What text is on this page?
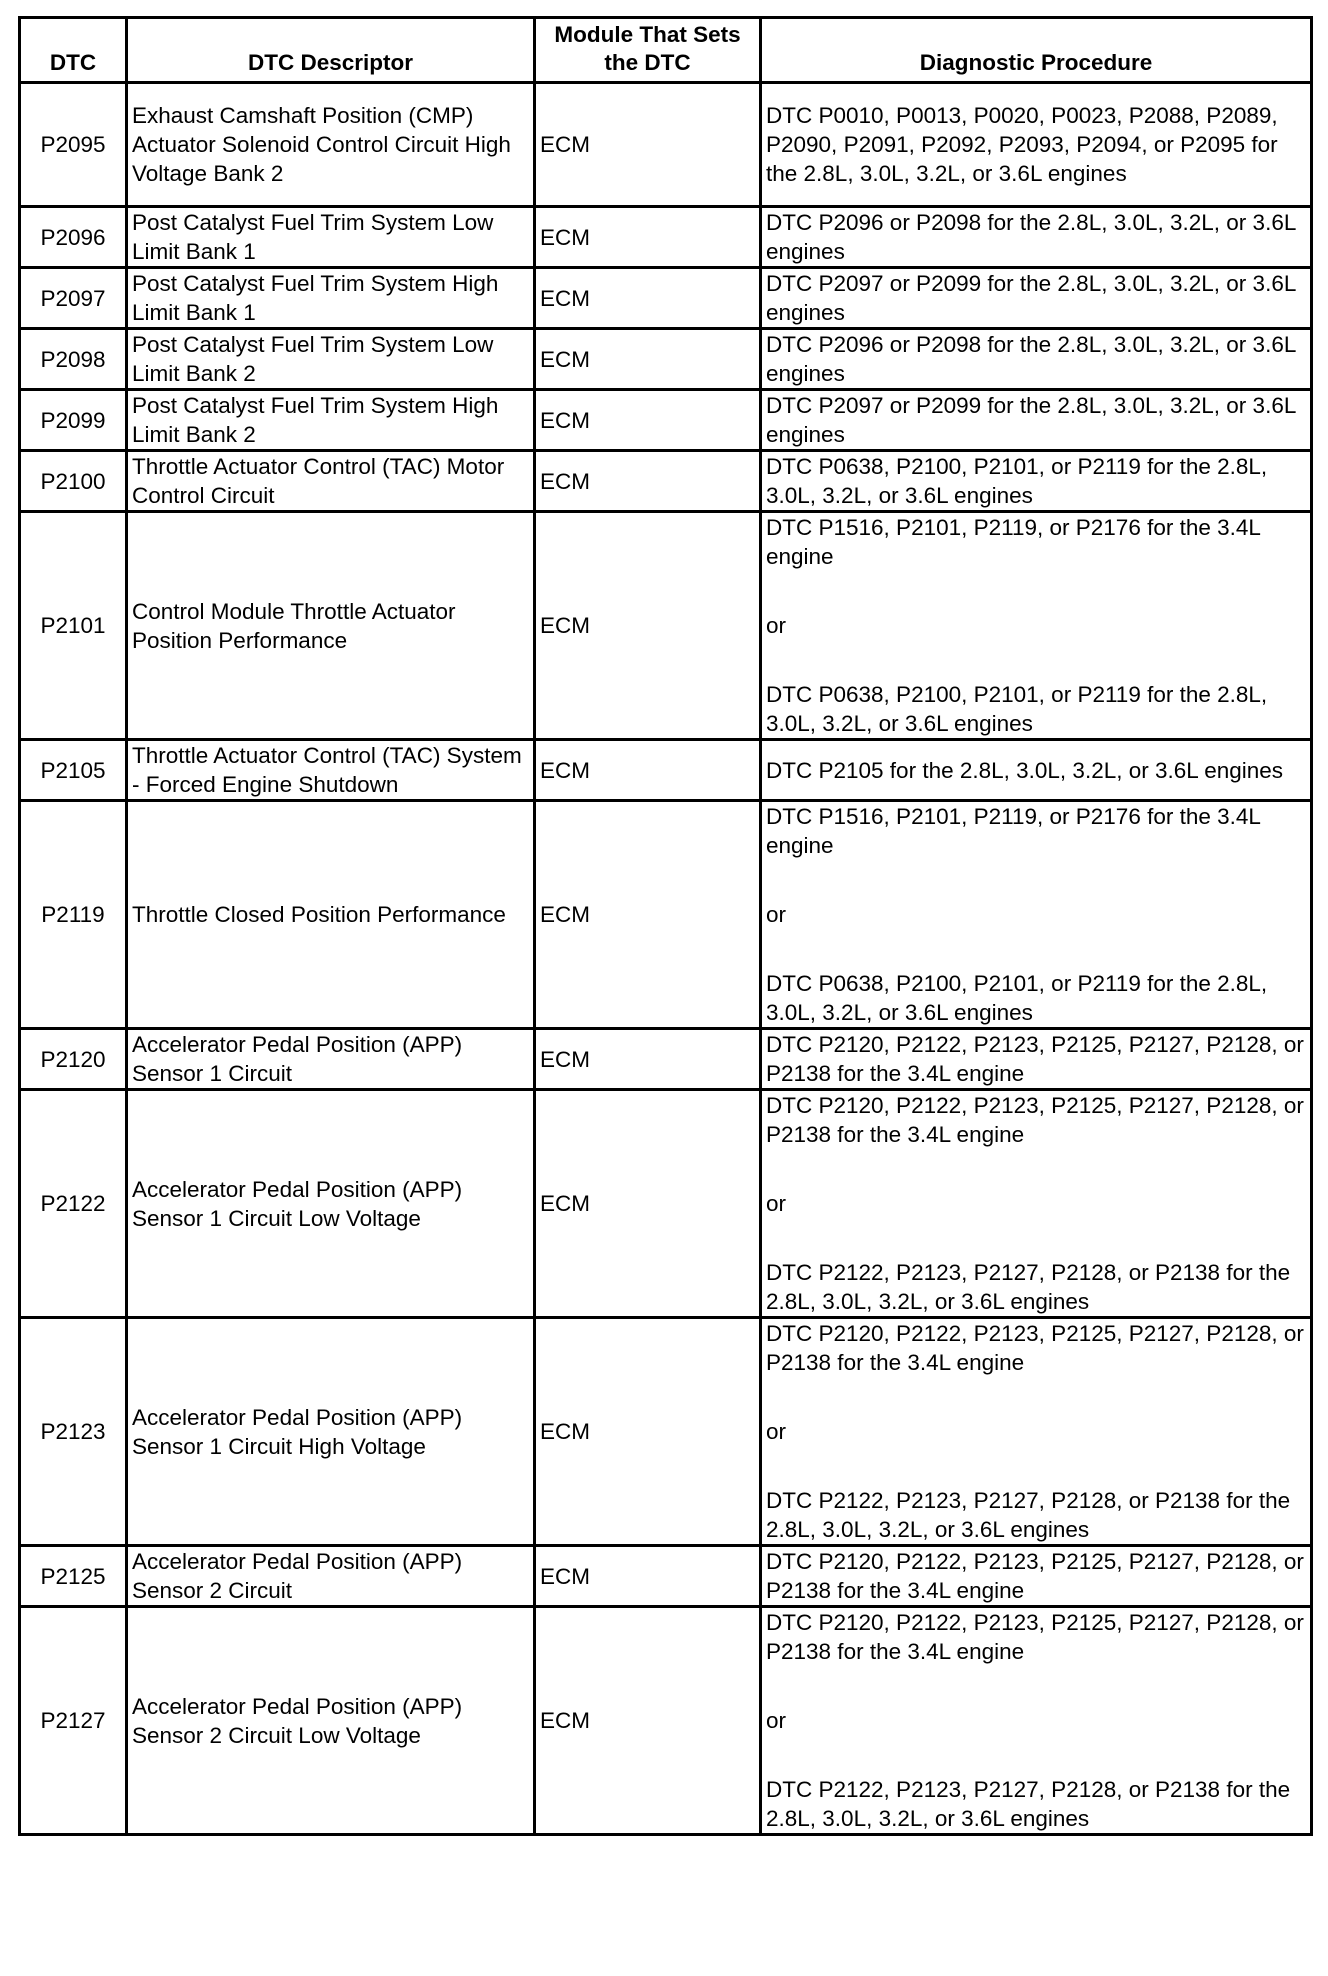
DTC	DTC Descriptor	Module That Sets the DTC	Diagnostic Procedure
P2095	Exhaust Camshaft Position (CMP) Actuator Solenoid Control Circuit High Voltage Bank 2	ECM	DTC P0010, P0013, P0020, P0023, P2088, P2089, P2090, P2091, P2092, P2093, P2094, or P2095 for the 2.8L, 3.0L, 3.2L, or 3.6L engines

P2096	Post Catalyst Fuel Trim System Low Limit Bank 1	ECM	DTC P2096 or P2098 for the 2.8L, 3.0L, 3.2L, or 3.6L engines

P2097	Post Catalyst Fuel Trim System High Limit Bank 1	ECM	DTC P2097 or P2099 for the 2.8L, 3.0L, 3.2L, or 3.6L engines

P2098	Post Catalyst Fuel Trim System Low Limit Bank 2	ECM	DTC P2096 or P2098 for the 2.8L, 3.0L, 3.2L, or 3.6L engines

P2099	Post Catalyst Fuel Trim System High Limit Bank 2	ECM	DTC P2097 or P2099 for the 2.8L, 3.0L, 3.2L, or 3.6L engines

P2100	Throttle Actuator Control (TAC) Motor Control Circuit	ECM	DTC P0638, P2100, P2101, or P2119 for the 2.8L, 3.0L, 3.2L, or 3.6L engines

P2101	Control Module Throttle Actuator Position Performance	ECM	DTC P1516, P2101, P2119, or P2176 for the 3.4L engine
or
DTC P0638, P2100, P2101, or P2119 for the 2.8L, 3.0L, 3.2L, or 3.6L engines

P2105	Throttle Actuator Control (TAC) System - Forced Engine Shutdown	ECM	DTC P2105 for the 2.8L, 3.0L, 3.2L, or 3.6L engines

P2119	Throttle Closed Position Performance	ECM	DTC P1516, P2101, P2119, or P2176 for the 3.4L engine
or
DTC P0638, P2100, P2101, or P2119 for the 2.8L, 3.0L, 3.2L, or 3.6L engines

P2120	Accelerator Pedal Position (APP) Sensor 1 Circuit	ECM	DTC P2120, P2122, P2123, P2125, P2127, P2128, or P2138 for the 3.4L engine

P2122	Accelerator Pedal Position (APP) Sensor 1 Circuit Low Voltage	ECM	DTC P2120, P2122, P2123, P2125, P2127, P2128, or P2138 for the 3.4L engine
or
DTC P2122, P2123, P2127, P2128, or P2138 for the 2.8L, 3.0L, 3.2L, or 3.6L engines

P2123	Accelerator Pedal Position (APP) Sensor 1 Circuit High Voltage	ECM	DTC P2120, P2122, P2123, P2125, P2127, P2128, or P2138 for the 3.4L engine
or
DTC P2122, P2123, P2127, P2128, or P2138 for the 2.8L, 3.0L, 3.2L, or 3.6L engines

P2125	Accelerator Pedal Position (APP) Sensor 2 Circuit	ECM	DTC P2120, P2122, P2123, P2125, P2127, P2128, or P2138 for the 3.4L engine

P2127	Accelerator Pedal Position (APP) Sensor 2 Circuit Low Voltage	ECM	DTC P2120, P2122, P2123, P2125, P2127, P2128, or P2138 for the 3.4L engine
or
DTC P2122, P2123, P2127, P2128, or P2138 for the 2.8L, 3.0L, 3.2L, or 3.6L engines
